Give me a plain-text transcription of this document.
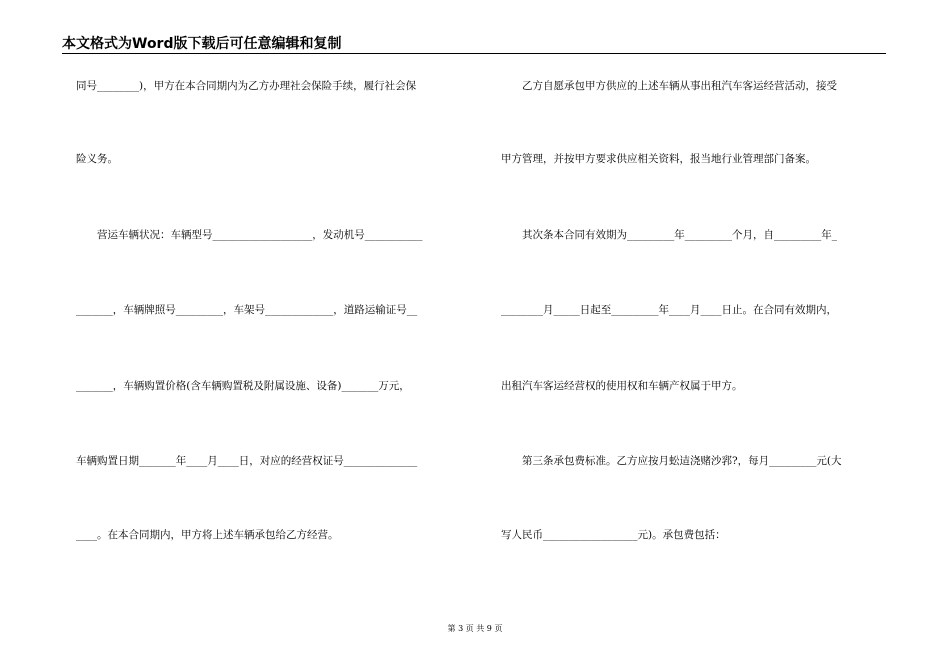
本文格式为Word版下载后可任意编辑和复制
同号________)，甲方在本合同期内为乙方办理社会保险手续，履行社会保
险义务。
　　营运车辆状况：车辆型号___________________，发动机号___________
_______，车辆牌照号_________，车架号_____________，道路运输证号__
_______，车辆购置价格(含车辆购置税及附属设施、设备)_______万元，
车辆购置日期_______年____月____日，对应的经营权证号______________
____。在本合同期内，甲方将上述车辆承包给乙方经营。
　　乙方自愿承包甲方供应的上述车辆从事出租汽车客运经营活动，接受
甲方管理，并按甲方要求供应相关资料，报当地行业管理部门备案。
　　其次条本合同有效期为_________年_________个月，自_________年_
________月_____日起至_________年____月____日止。在合同有效期内，
出租汽车客运经营权的使用权和车辆产权属于甲方。
　　第三条承包费标准。乙方应按月蚣迼浇赌沙郛?，每月_________元(大
写人民币__________________元)。承包费包括：
第 3 页 共 9 页
